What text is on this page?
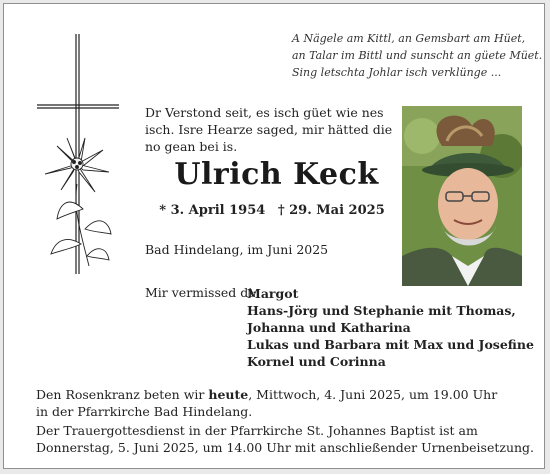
A Nägele am Kittl, an Gemsbart am Hüet,
an Talar im Bittl und sunscht an güete Müet.
Sing letschta Johlar isch verklünge ...
Dr Verstond seit, es isch güet wie nes
isch. Isre Hearze saged, mir hätted die
no gean bei is.
Ulrich Keck
* 3. April 1954 † 29. Mai 2025
Bad Hindelang, im Juni 2025
Mir vermissed di:
Margot
Hans-Jörg und Stephanie mit Thomas,
Johanna und Katharina
Lukas und Barbara mit Max und Josefine
Kornel und Corinna

Den Rosenkranz beten wir heute, Mittwoch, 4. Juni 2025, um 19.00 Uhr
in der Pfarrkirche Bad Hindelang.

Der Trauergottesdienst in der Pfarrkirche St. Johannes Baptist ist am
Donnerstag, 5. Juni 2025, um 14.00 Uhr mit anschließender Urnenbeisetzung.
